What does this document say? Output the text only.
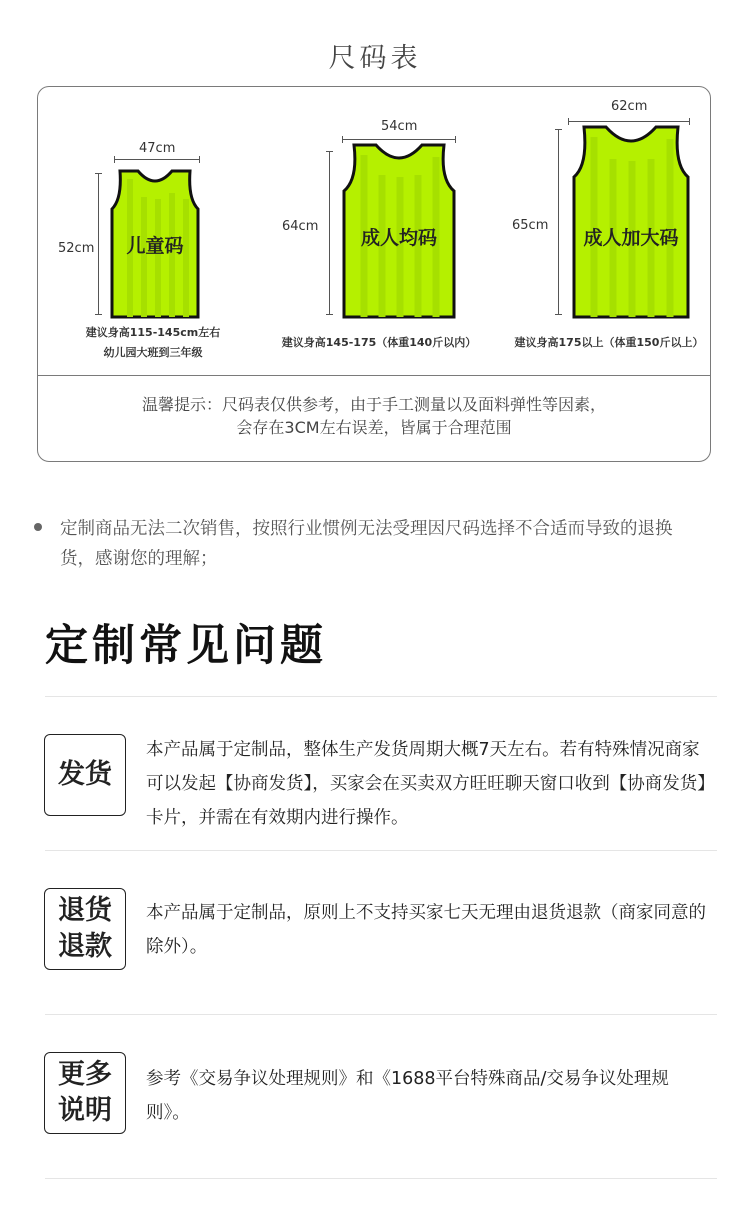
尺码表
47cm
52cm	儿童码
建议身高115-145cm左右
幼儿园大班到三年级
54cm
64cm
成人均码
建议身高145-175（体重140斤以内）
62cm
65cm
成人加大码
建议身高175以上（体重150斤以上）
温馨提示：尺码表仅供参考，由于手工测量以及面料弹性等因素，
会存在3CM左右误差，皆属于合理范围
定制商品无法二次销售，按照行业惯例无法受理因尺码选择不合适而导致的退换货，感谢您的理解；
定制常见问题
发货
本产品属于定制品，整体生产发货周期大概7天左右。若有特殊情况商家可以发起【协商发货】，买家会在买卖双方旺旺聊天窗口收到【协商发货】卡片，并需在有效期内进行操作。
退货
退款
本产品属于定制品，原则上不支持买家七天无理由退货退款（商家同意的除外）。
更多
说明
参考《交易争议处理规则》和《1688平台特殊商品/交易争议处理规则》。
